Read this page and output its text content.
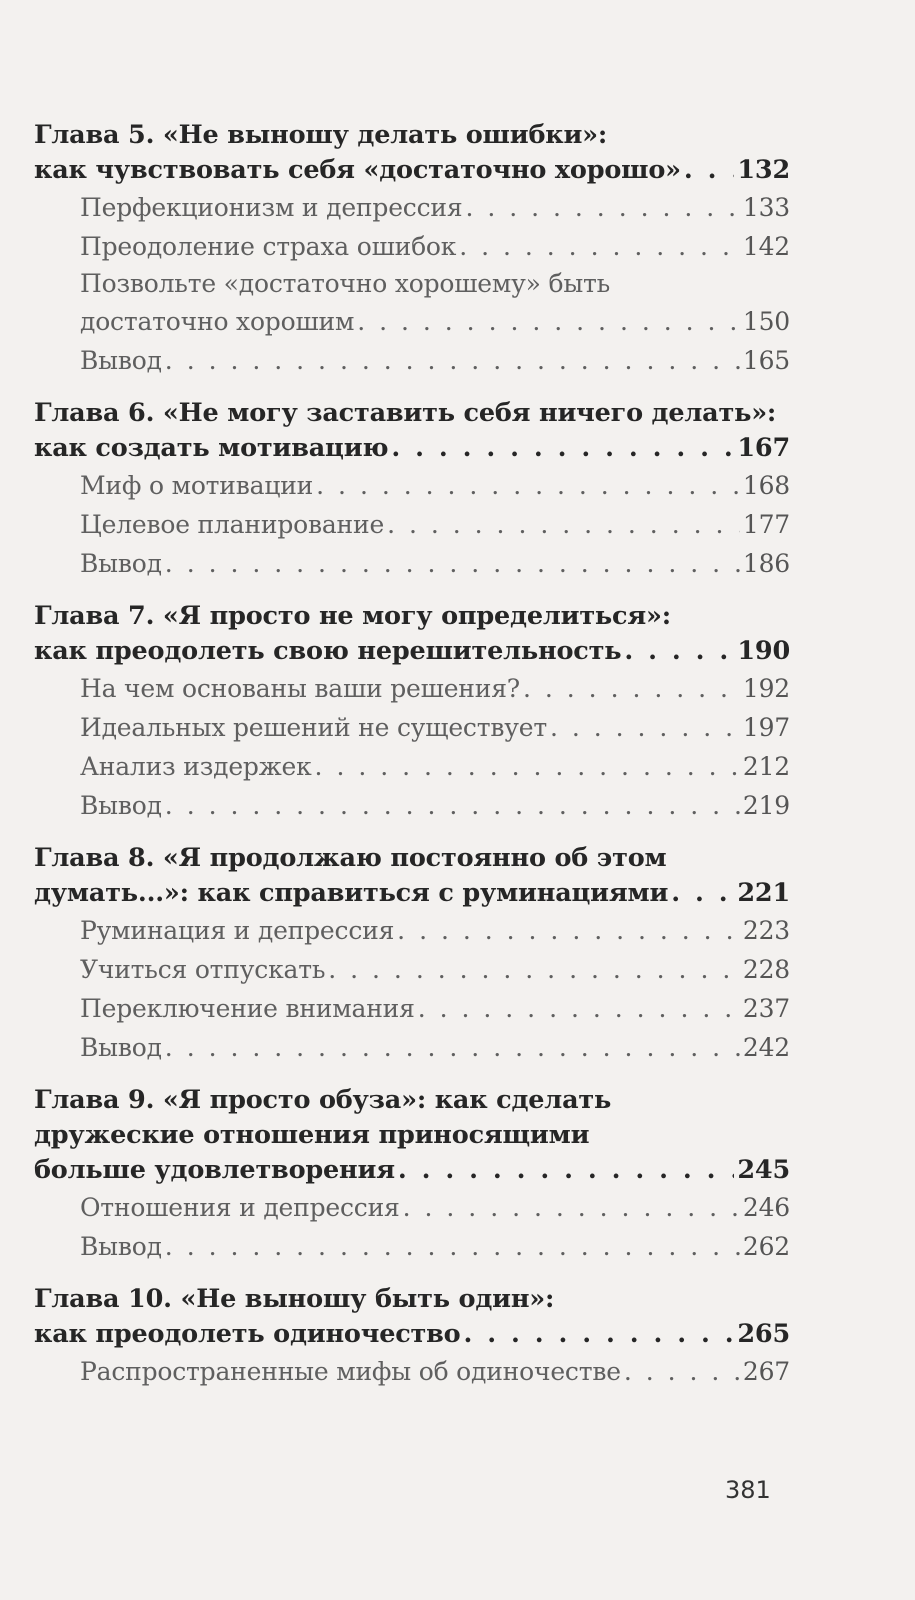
Глава 5. «Не выношу делать ошибки»:
как чувствовать себя «достаточно хорошо» . . . 132
Перфекционизм и депрессия . . .	133
Преодоление страха ошибок . . .	142
Позвольте «достаточно хорошему» быть
достаточно хорошим . . .	150
Вывод . . .	165
Глава 6. «Не могу заставить себя ничего делать»:
как создать мотивацию . . .	167
Миф о мотивации . . .	168
Целевое планирование . . .	177
Вывод . . .	186
Глава 7. «Я просто не могу определиться»:
как преодолеть свою нерешительность . . .	190
На чем основаны ваши решения? . . .	192
Идеальных решений не существует . . .	197
Анализ издержек . . .	212
Вывод . . .	219
Глава 8. «Я продолжаю постоянно об этом
думать...»: как справиться с руминациями . . .	221
Руминация и депрессия . . .	223
Учиться отпускать . . .	228
Переключение внимания . . .	237
Вывод . . .	242
Глава 9. «Я просто обуза»: как сделать
дружеские отношения приносящими
больше удовлетворения . . .	245
Отношения и депрессия . . .	246
Вывод . . .	262
Глава 10. «Не выношу быть один»:
как преодолеть одиночество . . .	265
Распространенные мифы об одиночестве . . .	267
381
